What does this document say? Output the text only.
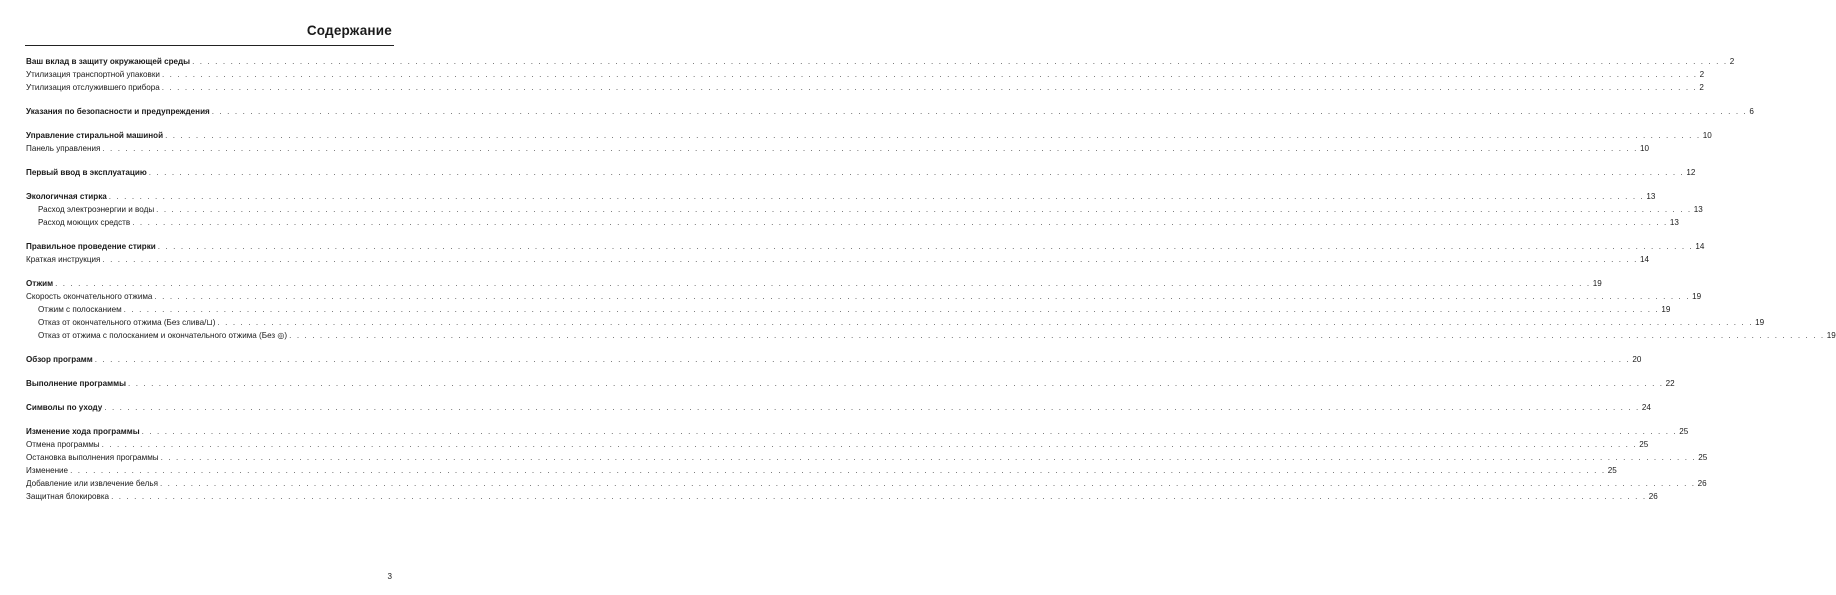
Содержание
Ваш вклад в защиту окружающей среды . . . . . . . . . . . . . . . . . . . . . . . . . . . . . . . . . . . . . . . . . . . . . . . . . . . . . . . . . . . . . . . . . . . . . . . . . . . . . . . . . . . . . . . . . . . . . . . . . . . . . . . . . . . . . . . . . . . . . . . . . . . . . . . . . . . . . . . . . . . . . . . . . . . . . . . . . . . . . . . . . . . . . . . . . . . . . . . . . . . . . . . . . . . . . . . . . . . . . . . . 2
Утилизация транспортной упаковки . . . . . . . . . . . . . . . . . . . . . . . . . . . . . . . . . . . . . . . . . . . . . . . . . . . . . . . . . . . . . . . . . . . . . . . . . . . . . . . . . . . . . . . . . . . . . . . . . . . . . . . . . . . . . . . . . . . . . . . . . . . . . . . . . . . . . . . . . . . . . . . . . . . . . . . . . . . . . . . . . . . . . . . . . . . . . . . . . . . . . . . . . . . . . . . . . . . . . . . . 2
Утилизация отслужившего прибора . . . . . . . . . . . . . . . . . . . . . . . . . . . . . . . . . . . . . . . . . . . . . . . . . . . . . . . . . . . . . . . . . . . . . . . . . . . . . . . . . . . . . . . . . . . . . . . . . . . . . . . . . . . . . . . . . . . . . . . . . . . . . . . . . . . . . . . . . . . . . . . . . . . . . . . . . . . . . . . . . . . . . . . . . . . . . . . . . . . . . . . . . . . . . . . . . . . . . . . . 2
Указания по безопасности и предупреждения . . . . . . . . . . . . . . . . . . . . . . . . . . . . . . . . . . . . . . . . . . . . . . . . . . . . . . . . . . . . . . . . . . . . . . . . . . . . . . . . . . . . . . . . . . . . . . . . . . . . . . . . . . . . . . . . . . . . . . . . . . . . . . . . . . . . . . . . . . . . . . . . . . . . . . . . . . . . . . . . . . . . . . . . . . . . . . . . . . . . . . . . . . . . . . . . . . . . . . . . 6
Управление стиральной машиной . . . . . . . . . . . . . . . . . . . . . . . . . . . . . . . . . . . . . . . . . . . . . . . . . . . . . . . . . . . . . . . . . . . . . . . . . . . . . . . . . . . . . . . . . . . . . . . . . . . . . . . . . . . . . . . . . . . . . . . . . . . . . . . . . . . . . . . . . . . . . . . . . . . . . . . . . . . . . . . . . . . . . . . . . . . . . . . . . . . . . . . . . . . . . . . . . . . . . . . . 10
Панель управления . . . . . . . . . . . . . . . . . . . . . . . . . . . . . . . . . . . . . . . . . . . . . . . . . . . . . . . . . . . . . . . . . . . . . . . . . . . . . . . . . . . . . . . . . . . . . . . . . . . . . . . . . . . . . . . . . . . . . . . . . . . . . . . . . . . . . . . . . . . . . . . . . . . . . . . . . . . . . . . . . . . . . . . . . . . . . . . . . . . . . . . . . . . . . . . . . . . . . . . . 10
Первый ввод в эксплуатацию . . . . . . . . . . . . . . . . . . . . . . . . . . . . . . . . . . . . . . . . . . . . . . . . . . . . . . . . . . . . . . . . . . . . . . . . . . . . . . . . . . . . . . . . . . . . . . . . . . . . . . . . . . . . . . . . . . . . . . . . . . . . . . . . . . . . . . . . . . . . . . . . . . . . . . . . . . . . . . . . . . . . . . . . . . . . . . . . . . . . . . . . . . . . . . . . . . . . . . . . 12
Экологичная стирка . . . . . . . . . . . . . . . . . . . . . . . . . . . . . . . . . . . . . . . . . . . . . . . . . . . . . . . . . . . . . . . . . . . . . . . . . . . . . . . . . . . . . . . . . . . . . . . . . . . . . . . . . . . . . . . . . . . . . . . . . . . . . . . . . . . . . . . . . . . . . . . . . . . . . . . . . . . . . . . . . . . . . . . . . . . . . . . . . . . . . . . . . . . . . . . . . . . . . . . . 13
Расход электроэнергии и воды . . . . . . . . . . . . . . . . . . . . . . . . . . . . . . . . . . . . . . . . . . . . . . . . . . . . . . . . . . . . . . . . . . . . . . . . . . . . . . . . . . . . . . . . . . . . . . . . . . . . . . . . . . . . . . . . . . . . . . . . . . . . . . . . . . . . . . . . . . . . . . . . . . . . . . . . . . . . . . . . . . . . . . . . . . . . . . . . . . . . . . . . . . . . . . . . . . . . . . . . 13
Расход моющих средств . . . . . . . . . . . . . . . . . . . . . . . . . . . . . . . . . . . . . . . . . . . . . . . . . . . . . . . . . . . . . . . . . . . . . . . . . . . . . . . . . . . . . . . . . . . . . . . . . . . . . . . . . . . . . . . . . . . . . . . . . . . . . . . . . . . . . . . . . . . . . . . . . . . . . . . . . . . . . . . . . . . . . . . . . . . . . . . . . . . . . . . . . . . . . . . . . . . . . . . . 13
Правильное проведение стирки . . . . . . . . . . . . . . . . . . . . . . . . . . . . . . . . . . . . . . . . . . . . . . . . . . . . . . . . . . . . . . . . . . . . . . . . . . . . . . . . . . . . . . . . . . . . . . . . . . . . . . . . . . . . . . . . . . . . . . . . . . . . . . . . . . . . . . . . . . . . . . . . . . . . . . . . . . . . . . . . . . . . . . . . . . . . . . . . . . . . . . . . . . . . . . . . . . . . . . . . 14
Краткая инструкция . . . . . . . . . . . . . . . . . . . . . . . . . . . . . . . . . . . . . . . . . . . . . . . . . . . . . . . . . . . . . . . . . . . . . . . . . . . . . . . . . . . . . . . . . . . . . . . . . . . . . . . . . . . . . . . . . . . . . . . . . . . . . . . . . . . . . . . . . . . . . . . . . . . . . . . . . . . . . . . . . . . . . . . . . . . . . . . . . . . . . . . . . . . . . . . . . . . . . . . . 14
Отжим . . . . . . . . . . . . . . . . . . . . . . . . . . . . . . . . . . . . . . . . . . . . . . . . . . . . . . . . . . . . . . . . . . . . . . . . . . . . . . . . . . . . . . . . . . . . . . . . . . . . . . . . . . . . . . . . . . . . . . . . . . . . . . . . . . . . . . . . . . . . . . . . . . . . . . . . . . . . . . . . . . . . . . . . . . . . . . . . . . . . . . . . . . . . . . . . . . . . . . . . 19
Скорость окончательного отжима . . . . . . . . . . . . . . . . . . . . . . . . . . . . . . . . . . . . . . . . . . . . . . . . . . . . . . . . . . . . . . . . . . . . . . . . . . . . . . . . . . . . . . . . . . . . . . . . . . . . . . . . . . . . . . . . . . . . . . . . . . . . . . . . . . . . . . . . . . . . . . . . . . . . . . . . . . . . . . . . . . . . . . . . . . . . . . . . . . . . . . . . . . . . . . . . . . . . . . . . 19
Отжим с полосканием . . . . . . . . . . . . . . . . . . . . . . . . . . . . . . . . . . . . . . . . . . . . . . . . . . . . . . . . . . . . . . . . . . . . . . . . . . . . . . . . . . . . . . . . . . . . . . . . . . . . . . . . . . . . . . . . . . . . . . . . . . . . . . . . . . . . . . . . . . . . . . . . . . . . . . . . . . . . . . . . . . . . . . . . . . . . . . . . . . . . . . . . . . . . . . . . . . . . . . . . 19
Отказ от окончательного отжима (Без слива/⊔) . . . . . . . . . . . . . . . . . . . . . . . . . . . . . . . . . . . . . . . . . . . . . . . . . . . . . . . . . . . . . . . . . . . . . . . . . . . . . . . . . . . . . . . . . . . . . . . . . . . . . . . . . . . . . . . . . . . . . . . . . . . . . . . . . . . . . . . . . . . . . . . . . . . . . . . . . . . . . . . . . . . . . . . . . . . . . . . . . . . . . . . . . . . . . . . . . . . . . . . . 19
Отказ от отжима с полосканием и окончательного отжима (Без ◎) . . . . . . . . . . . . . . . . . . . . . . . . . . . . . . . . . . . . . . . . . . . . . . . . . . . . . . . . . . . . . . . . . . . . . . . . . . . . . . . . . . . . . . . . . . . . . . . . . . . . . . . . . . . . . . . . . . . . . . . . . . . . . . . . . . . . . . . . . . . . . . . . . . . . . . . . . . . . . . . . . . . . . . . . . . . . . . . . . . . . . . . . . . . . . . . . . . . . . . . . 19
Обзор программ . . . . . . . . . . . . . . . . . . . . . . . . . . . . . . . . . . . . . . . . . . . . . . . . . . . . . . . . . . . . . . . . . . . . . . . . . . . . . . . . . . . . . . . . . . . . . . . . . . . . . . . . . . . . . . . . . . . . . . . . . . . . . . . . . . . . . . . . . . . . . . . . . . . . . . . . . . . . . . . . . . . . . . . . . . . . . . . . . . . . . . . . . . . . . . . . . . . . . . . . 20
Выполнение программы . . . . . . . . . . . . . . . . . . . . . . . . . . . . . . . . . . . . . . . . . . . . . . . . . . . . . . . . . . . . . . . . . . . . . . . . . . . . . . . . . . . . . . . . . . . . . . . . . . . . . . . . . . . . . . . . . . . . . . . . . . . . . . . . . . . . . . . . . . . . . . . . . . . . . . . . . . . . . . . . . . . . . . . . . . . . . . . . . . . . . . . . . . . . . . . . . . . . . . . . 22
Символы по уходу . . . . . . . . . . . . . . . . . . . . . . . . . . . . . . . . . . . . . . . . . . . . . . . . . . . . . . . . . . . . . . . . . . . . . . . . . . . . . . . . . . . . . . . . . . . . . . . . . . . . . . . . . . . . . . . . . . . . . . . . . . . . . . . . . . . . . . . . . . . . . . . . . . . . . . . . . . . . . . . . . . . . . . . . . . . . . . . . . . . . . . . . . . . . . . . . . . . . . . . . 24
Изменение хода программы . . . . . . . . . . . . . . . . . . . . . . . . . . . . . . . . . . . . . . . . . . . . . . . . . . . . . . . . . . . . . . . . . . . . . . . . . . . . . . . . . . . . . . . . . . . . . . . . . . . . . . . . . . . . . . . . . . . . . . . . . . . . . . . . . . . . . . . . . . . . . . . . . . . . . . . . . . . . . . . . . . . . . . . . . . . . . . . . . . . . . . . . . . . . . . . . . . . . . . . . 25
Отмена программы . . . . . . . . . . . . . . . . . . . . . . . . . . . . . . . . . . . . . . . . . . . . . . . . . . . . . . . . . . . . . . . . . . . . . . . . . . . . . . . . . . . . . . . . . . . . . . . . . . . . . . . . . . . . . . . . . . . . . . . . . . . . . . . . . . . . . . . . . . . . . . . . . . . . . . . . . . . . . . . . . . . . . . . . . . . . . . . . . . . . . . . . . . . . . . . . . . . . . . . . 25
Остановка выполнения программы . . . . . . . . . . . . . . . . . . . . . . . . . . . . . . . . . . . . . . . . . . . . . . . . . . . . . . . . . . . . . . . . . . . . . . . . . . . . . . . . . . . . . . . . . . . . . . . . . . . . . . . . . . . . . . . . . . . . . . . . . . . . . . . . . . . . . . . . . . . . . . . . . . . . . . . . . . . . . . . . . . . . . . . . . . . . . . . . . . . . . . . . . . . . . . . . . . . . . . . . 25
Изменение . . . . . . . . . . . . . . . . . . . . . . . . . . . . . . . . . . . . . . . . . . . . . . . . . . . . . . . . . . . . . . . . . . . . . . . . . . . . . . . . . . . . . . . . . . . . . . . . . . . . . . . . . . . . . . . . . . . . . . . . . . . . . . . . . . . . . . . . . . . . . . . . . . . . . . . . . . . . . . . . . . . . . . . . . . . . . . . . . . . . . . . . . . . . . . . . . . . . . . . . 25
Добавление или извлечение белья . . . . . . . . . . . . . . . . . . . . . . . . . . . . . . . . . . . . . . . . . . . . . . . . . . . . . . . . . . . . . . . . . . . . . . . . . . . . . . . . . . . . . . . . . . . . . . . . . . . . . . . . . . . . . . . . . . . . . . . . . . . . . . . . . . . . . . . . . . . . . . . . . . . . . . . . . . . . . . . . . . . . . . . . . . . . . . . . . . . . . . . . . . . . . . . . . . . . . . . . 26
Защитная блокировка . . . . . . . . . . . . . . . . . . . . . . . . . . . . . . . . . . . . . . . . . . . . . . . . . . . . . . . . . . . . . . . . . . . . . . . . . . . . . . . . . . . . . . . . . . . . . . . . . . . . . . . . . . . . . . . . . . . . . . . . . . . . . . . . . . . . . . . . . . . . . . . . . . . . . . . . . . . . . . . . . . . . . . . . . . . . . . . . . . . . . . . . . . . . . . . . . . . . . . . . 26
3
